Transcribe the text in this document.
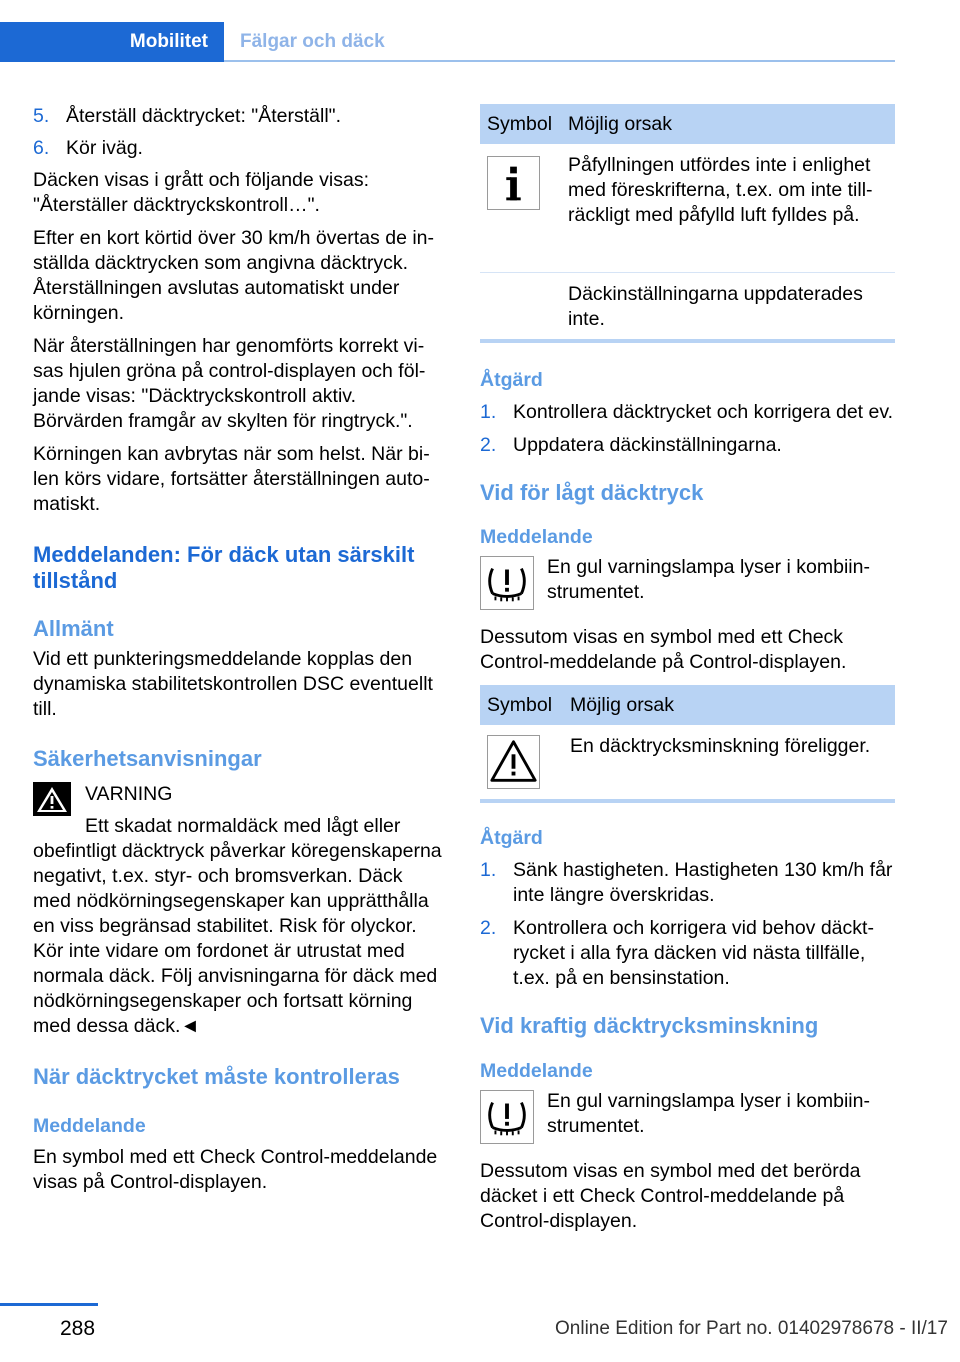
Mobilitet Fälgar och däck

5. Återställ däcktrycket: "Återställ".

6. Kör iväg.

Däcken visas i grått och följande visas: "Återställer däcktryckskontroll…".

Efter en kort körtid över 30 km/h övertas de inställda däcktrycken som angivna däcktryck. Återställningen avslutas automatiskt under körningen.

När återställningen har genomförts korrekt visas hjulen gröna på control-displayen och följande visas: "Däcktryckskontroll aktiv. Börvärden framgår av skylten för ringtryck.".

Körningen kan avbrytas när som helst. När bilen körs vidare, fortsätter återställningen automatiskt.

Meddelanden: För däck utan särskilt tillstånd

Allmänt

Vid ett punkteringsmeddelande kopplas den dynamiska stabilitetskontrollen DSC eventuellt till.

Säkerhetsanvisningar

VARNING

Ett skadat normaldäck med lågt eller

obefintligt däcktryck påverkar köregenskaperna negativt, t.ex. styr- och bromsverkan. Däck med nödkörningsegenskaper kan upprätthålla en viss begränsad stabilitet. Risk för olyckor. Kör inte vidare om fordonet är utrustat med normala däck. Följ anvisningarna för däck med nödkörningsegenskaper och fortsatt körning med dessa däck.◄

När däcktrycket måste kontrolleras

Meddelande

En symbol med ett Check Control-meddelande visas på Control-displayen.

Symbol Möjlig orsak

Påfyllningen utfördes inte i enlighet med föreskrifterna, t.ex. om inte tillräckligt med påfylld luft fylldes på.

Däckinställningarna uppdaterades inte.

Åtgärd

1. Kontrollera däcktrycket och korrigera det ev.

2. Uppdatera däckinställningarna.

Vid för lågt däcktryck

Meddelande

En gul varningslampa lyser i kombiinstrumentet.

Dessutom visas en symbol med ett Check Control-meddelande på Control-displayen.

Symbol Möjlig orsak

En däcktrycksminskning föreligger.

Åtgärd

1. Sänk hastigheten. Hastigheten 130 km/h får inte längre överskridas.

2. Kontrollera och korrigera vid behov däcktrycket i alla fyra däcken vid nästa tillfälle, t.ex. på en bensinstation.

Vid kraftig däcktrycksminskning

Meddelande

En gul varningslampa lyser i kombiinstrumentet.

Dessutom visas en symbol med det berörda däcket i ett Check Control-meddelande på Control-displayen.

288	Online Edition for Part no. 01402978678 - II/17
